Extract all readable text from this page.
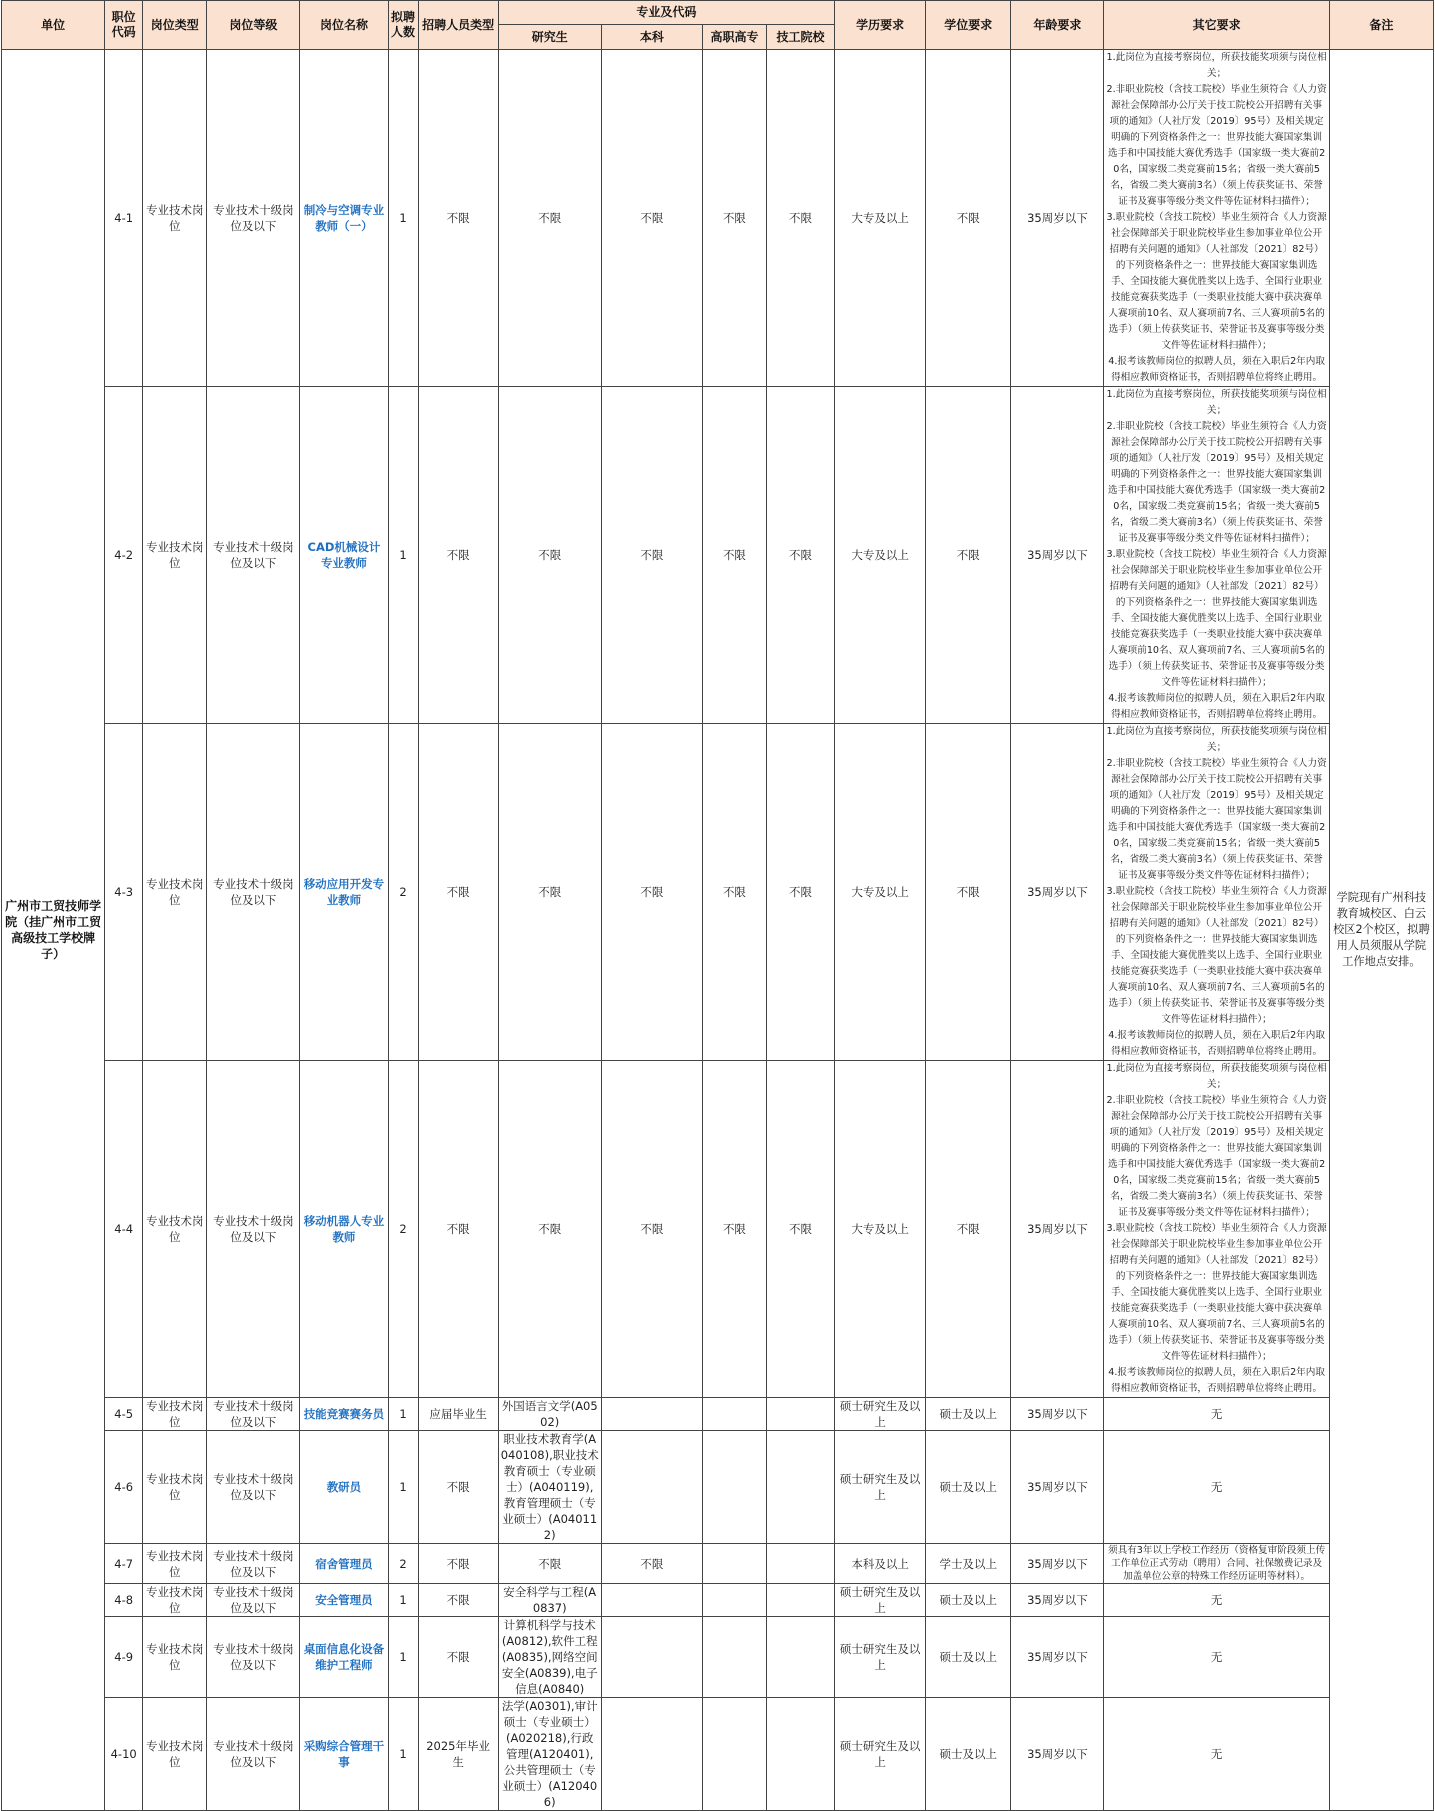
单位	职位代码	岗位类型	岗位等级	岗位名称	拟聘人数	招聘人员类型	专业及代码				学历要求	学位要求	年龄要求	其它要求	备注
							研究生	本科	高职高专	技工院校					
广州市工贸技师学院（挂广州市工贸高级技工学校牌子）	4-1	专业技术岗位	专业技术十级岗位及以下	制冷与空调专业教师（一）	1	不限	不限	不限	不限	不限	大专及以上	不限	35周岁以下	1.此岗位为直接考察岗位，所获技能奖项须与岗位相关；
2.非职业院校（含技工院校）毕业生须符合《人力资源社会保障部办公厅关于技工院校公开招聘有关事项的通知》（人社厅发〔2019〕95号）及相关规定明确的下列资格条件之一：世界技能大赛国家集训选手和中国技能大赛优秀选手（国家级一类大赛前20名，国家级二类竞赛前15名；省级一类大赛前5名，省级二类大赛前3名）（须上传获奖证书、荣誉证书及赛事等级分类文件等佐证材料扫描件）；
3.职业院校（含技工院校）毕业生须符合《人力资源社会保障部关于职业院校毕业生参加事业单位公开招聘有关问题的通知》（人社部发〔2021〕82号）的下列资格条件之一：世界技能大赛国家集训选手、全国技能大赛优胜奖以上选手、全国行业职业技能竞赛获奖选手（一类职业技能大赛中获决赛单人赛项前10名、双人赛项前7名、三人赛项前5名的选手）（须上传获奖证书、荣誉证书及赛事等级分类文件等佐证材料扫描件）；
4.报考该教师岗位的拟聘人员，须在入职后2年内取得相应教师资格证书，否则招聘单位将终止聘用。	学院现有广州科技教育城校区、白云校区2个校区，拟聘用人员须服从学院工作地点安排。
	4-2	专业技术岗位	专业技术十级岗位及以下	CAD机械设计专业教师	1	不限	不限	不限	不限	不限	大专及以上	不限	35周岁以下	1.此岗位为直接考察岗位，所获技能奖项须与岗位相关；
2.非职业院校（含技工院校）毕业生须符合《人力资源社会保障部办公厅关于技工院校公开招聘有关事项的通知》（人社厅发〔2019〕95号）及相关规定明确的下列资格条件之一：世界技能大赛国家集训选手和中国技能大赛优秀选手（国家级一类大赛前20名，国家级二类竞赛前15名；省级一类大赛前5名，省级二类大赛前3名）（须上传获奖证书、荣誉证书及赛事等级分类文件等佐证材料扫描件）；
3.职业院校（含技工院校）毕业生须符合《人力资源社会保障部关于职业院校毕业生参加事业单位公开招聘有关问题的通知》（人社部发〔2021〕82号）的下列资格条件之一：世界技能大赛国家集训选手、全国技能大赛优胜奖以上选手、全国行业职业技能竞赛获奖选手（一类职业技能大赛中获决赛单人赛项前10名、双人赛项前7名、三人赛项前5名的选手）（须上传获奖证书、荣誉证书及赛事等级分类文件等佐证材料扫描件）；
4.报考该教师岗位的拟聘人员，须在入职后2年内取得相应教师资格证书，否则招聘单位将终止聘用。	

	4-3	专业技术岗位	专业技术十级岗位及以下	移动应用开发专业教师	2	不限	不限	不限	不限	不限	大专及以上	不限	35周岁以下	1.此岗位为直接考察岗位，所获技能奖项须与岗位相关；
2.非职业院校（含技工院校）毕业生须符合《人力资源社会保障部办公厅关于技工院校公开招聘有关事项的通知》（人社厅发〔2019〕95号）及相关规定明确的下列资格条件之一：世界技能大赛国家集训选手和中国技能大赛优秀选手（国家级一类大赛前20名，国家级二类竞赛前15名；省级一类大赛前5名，省级二类大赛前3名）（须上传获奖证书、荣誉证书及赛事等级分类文件等佐证材料扫描件）；
3.职业院校（含技工院校）毕业生须符合《人力资源社会保障部关于职业院校毕业生参加事业单位公开招聘有关问题的通知》（人社部发〔2021〕82号）的下列资格条件之一：世界技能大赛国家集训选手、全国技能大赛优胜奖以上选手、全国行业职业技能竞赛获奖选手（一类职业技能大赛中获决赛单人赛项前10名、双人赛项前7名、三人赛项前5名的选手）（须上传获奖证书、荣誉证书及赛事等级分类文件等佐证材料扫描件）；
4.报考该教师岗位的拟聘人员，须在入职后2年内取得相应教师资格证书，否则招聘单位将终止聘用。	

	4-4	专业技术岗位	专业技术十级岗位及以下	移动机器人专业教师	2	不限	不限	不限	不限	不限	大专及以上	不限	35周岁以下	1.此岗位为直接考察岗位，所获技能奖项须与岗位相关；
2.非职业院校（含技工院校）毕业生须符合《人力资源社会保障部办公厅关于技工院校公开招聘有关事项的通知》（人社厅发〔2019〕95号）及相关规定明确的下列资格条件之一：世界技能大赛国家集训选手和中国技能大赛优秀选手（国家级一类大赛前20名，国家级二类竞赛前15名；省级一类大赛前5名，省级二类大赛前3名）（须上传获奖证书、荣誉证书及赛事等级分类文件等佐证材料扫描件）；
3.职业院校（含技工院校）毕业生须符合《人力资源社会保障部关于职业院校毕业生参加事业单位公开招聘有关问题的通知》（人社部发〔2021〕82号）的下列资格条件之一：世界技能大赛国家集训选手、全国技能大赛优胜奖以上选手、全国行业职业技能竞赛获奖选手（一类职业技能大赛中获决赛单人赛项前10名、双人赛项前7名、三人赛项前5名的选手）（须上传获奖证书、荣誉证书及赛事等级分类文件等佐证材料扫描件）；
4.报考该教师岗位的拟聘人员，须在入职后2年内取得相应教师资格证书，否则招聘单位将终止聘用。	

	4-5	专业技术岗位	专业技术十级岗位及以下	技能竞赛赛务员	1	应届毕业生	外国语言文学(A0502)				硕士研究生及以上	硕士及以上	35周岁以下	无	
	4-6	专业技术岗位	专业技术十级岗位及以下	教研员	1	不限	职业技术教育学(A040108),职业技术教育硕士（专业硕士）(A040119),教育管理硕士（专业硕士）(A040112)				硕士研究生及以上	硕士及以上	35周岁以下	无	
	4-7	专业技术岗位	专业技术十级岗位及以下	宿舍管理员	2	不限	不限	不限			本科及以上	学士及以上	35周岁以下	须具有3年以上学校工作经历（资格复审阶段须上传工作单位正式劳动（聘用）合同、社保缴费记录及加盖单位公章的特殊工作经历证明等材料）。	
	4-8	专业技术岗位	专业技术十级岗位及以下	安全管理员	1	不限	安全科学与工程(A0837)				硕士研究生及以上	硕士及以上	35周岁以下	无	
	4-9	专业技术岗位	专业技术十级岗位及以下	桌面信息化设备维护工程师	1	不限	计算机科学与技术(A0812),软件工程(A0835),网络空间安全(A0839),电子信息(A0840)				硕士研究生及以上	硕士及以上	35周岁以下	无	
	4-10	专业技术岗位	专业技术十级岗位及以下	采购综合管理干事	1	2025年毕业生	法学(A0301),审计硕士（专业硕士）(A020218),行政管理(A120401),公共管理硕士（专业硕士）(A120406)				硕士研究生及以上	硕士及以上	35周岁以下	无	
